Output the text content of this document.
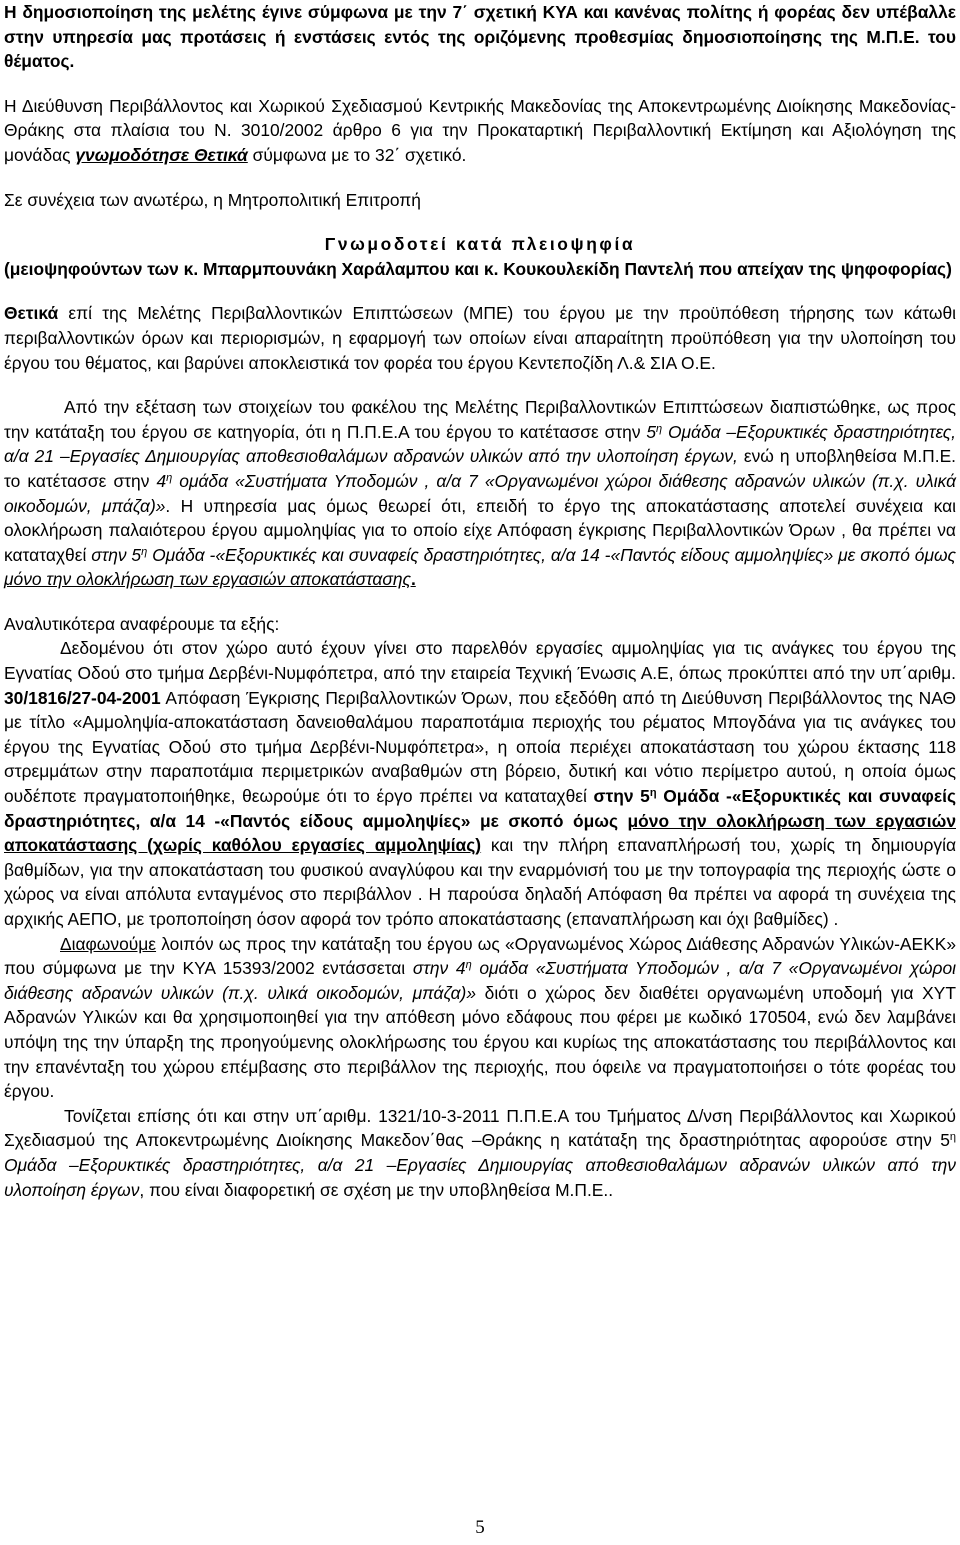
Η δημοσιοποίηση της μελέτης έγινε σύμφωνα με την 7΄ σχετική ΚΥΑ και κανένας πολίτης ή φορέας δεν υπέβαλλε στην υπηρεσία μας προτάσεις ή ενστάσεις εντός της οριζόμενης προθεσμίας δημοσιοποίησης της Μ.Π.Ε. του θέματος.

Η Διεύθυνση Περιβάλλοντος και Χωρικού Σχεδιασμού Κεντρικής Μακεδονίας της Αποκεντρωμένης Διοίκησης Μακεδονίας-Θράκης στα πλαίσια του Ν. 3010/2002 άρθρο 6 για την Προκαταρτική Περιβαλλοντική Εκτίμηση και Αξιολόγηση της μονάδας γνωμοδότησε Θετικά σύμφωνα με το 32΄ σχετικό.

Σε συνέχεια των ανωτέρω, η Μητροπολιτική Επιτροπή

Γνωμοδοτεί κατά πλειοψηφία

(μειοψηφούντων των κ. Μπαρμπουνάκη Χαράλαμπου και κ. Κουκουλεκίδη Παντελή που απείχαν της ψηφοφορίας)

Θετικά επί της Μελέτης Περιβαλλοντικών Επιπτώσεων (ΜΠΕ) του έργου με την προϋπόθεση τήρησης των κάτωθι περιβαλλοντικών όρων και περιορισμών, η εφαρμογή των οποίων είναι απαραίτητη προϋπόθεση για την υλοποίηση του έργου του θέματος, και βαρύνει αποκλειστικά τον φορέα του έργου Κεντεποζίδη Λ.& ΣΙΑ Ο.Ε.

Από την εξέταση των στοιχείων του φακέλου της Μελέτης Περιβαλλοντικών Επιπτώσεων διαπιστώθηκε, ως προς την κατάταξη του έργου σε κατηγορία, ότι η Π.Π.Ε.Α του έργου το κατέτασσε στην $5^\eta$ Ομάδα –Εξορυκτικές δραστηριότητες, α/α 21 –Εργασίες Δημιουργίας αποθεσιοθαλάμων αδρανών υλικών από την υλοποίηση έργων, ενώ η υποβληθείσα Μ.Π.Ε. το κατέτασσε στην $4^\eta$ ομάδα «Συστήματα Υποδομών , α/α 7 «Οργανωμένοι χώροι διάθεσης αδρανών υλικών (π.χ. υλικά οικοδομών, μπάζα)». Η υπηρεσία μας όμως θεωρεί ότι, επειδή το έργο της αποκατάστασης αποτελεί συνέχεια και ολοκλήρωση παλαιότερου έργου αμμοληψίας για το οποίο είχε Απόφαση έγκρισης Περιβαλλοντικών Όρων , θα πρέπει να καταταχθεί στην $5^\eta$ Ομάδα -«Εξορυκτικές και συναφείς δραστηριότητες, α/α 14 -«Παντός είδους αμμοληψίες» με σκοπό όμως μόνο την ολοκλήρωση των εργασιών αποκατάστασης.

Αναλυτικότερα αναφέρουμε τα εξής:

Δεδομένου ότι στον χώρο αυτό έχουν γίνει στο παρελθόν εργασίες αμμοληψίας για τις ανάγκες του έργου της Εγνατίας Οδού στο τμήμα Δερβένι-Νυμφόπετρα, από την εταιρεία Τεχνική Ένωσις Α.Ε, όπως προκύπτει από την υπ΄αριθμ. 30/1816/27-04-2001 Απόφαση Έγκρισης Περιβαλλοντικών Όρων, που εξεδόθη από τη Διεύθυνση Περιβάλλοντος της ΝΑΘ με τίτλο «Αμμοληψία-αποκατάσταση δανειοθαλάμου παραποτάμια περιοχής του ρέματος Μπογδάνα για τις ανάγκες του έργου της Εγνατίας Οδού στο τμήμα Δερβένι-Νυμφόπετρα», η οποία περιέχει αποκατάσταση του χώρου έκτασης 118 στρεμμάτων στην παραποτάμια περιμετρικών αναβαθμών στη βόρειο, δυτική και νότιο περίμετρο αυτού, η οποία όμως ουδέποτε πραγματοποιήθηκε, θεωρούμε ότι το έργο πρέπει να καταταχθεί στην $5^\eta$ Ομάδα -«Εξορυκτικές και συναφείς δραστηριότητες, α/α 14 -«Παντός είδους αμμοληψίες» με σκοπό όμως μόνο την ολοκλήρωση των εργασιών αποκατάστασης (χωρίς καθόλου εργασίες αμμοληψίας) και την πλήρη επαναπλήρωσή του, χωρίς τη δημιουργία βαθμίδων, για την αποκατάσταση του φυσικού αναγλύφου και την εναρμόνισή του με την τοπογραφία της περιοχής ώστε ο χώρος να είναι απόλυτα ενταγμένος στο περιβάλλον . Η παρούσα δηλαδή Απόφαση θα πρέπει να αφορά τη συνέχεια της αρχικής ΑΕΠΟ, με τροποποίηση όσον αφορά τον τρόπο αποκατάστασης (επαναπλήρωση και όχι βαθμίδες) .

Διαφωνούμε λοιπόν ως προς την κατάταξη του έργου ως «Οργανωμένος Χώρος Διάθεσης Αδρανών Υλικών-ΑΕΚΚ» που σύμφωνα με την ΚΥΑ 15393/2002 εντάσσεται στην $4^\eta$ ομάδα «Συστήματα Υποδομών , α/α 7 «Οργανωμένοι χώροι διάθεσης αδρανών υλικών (π.χ. υλικά οικοδομών, μπάζα)» διότι ο χώρος δεν διαθέτει οργανωμένη υποδομή για ΧΥΤ Αδρανών Υλικών και θα χρησιμοποιηθεί για την απόθεση μόνο εδάφους που φέρει με κωδικό 170504, ενώ δεν λαμβάνει υπόψη της την ύπαρξη της προηγούμενης ολοκλήρωσης του έργου και κυρίως της αποκατάστασης του περιβάλλοντος και την επανένταξη του χώρου επέμβασης στο περιβάλλον της περιοχής, που όφειλε να πραγματοποιήσει ο τότε φορέας του έργου.

Τονίζεται επίσης ότι και στην υπ΄αριθμ. 1321/10-3-2011 Π.Π.Ε.Α του Τμήματος Δ/νση Περιβάλλοντος και Χωρικού Σχεδιασμού της Αποκεντρωμένης Διοίκησης Μακεδον΄θας –Θράκης η κατάταξη της δραστηριότητας αφορούσε στην $5^\eta$ Ομάδα –Εξορυκτικές δραστηριότητες, α/α 21 –Εργασίες Δημιουργίας αποθεσιοθαλάμων αδρανών υλικών από την υλοποίηση έργων, που είναι διαφορετική σε σχέση με την υποβληθείσα Μ.Π.Ε..

5
